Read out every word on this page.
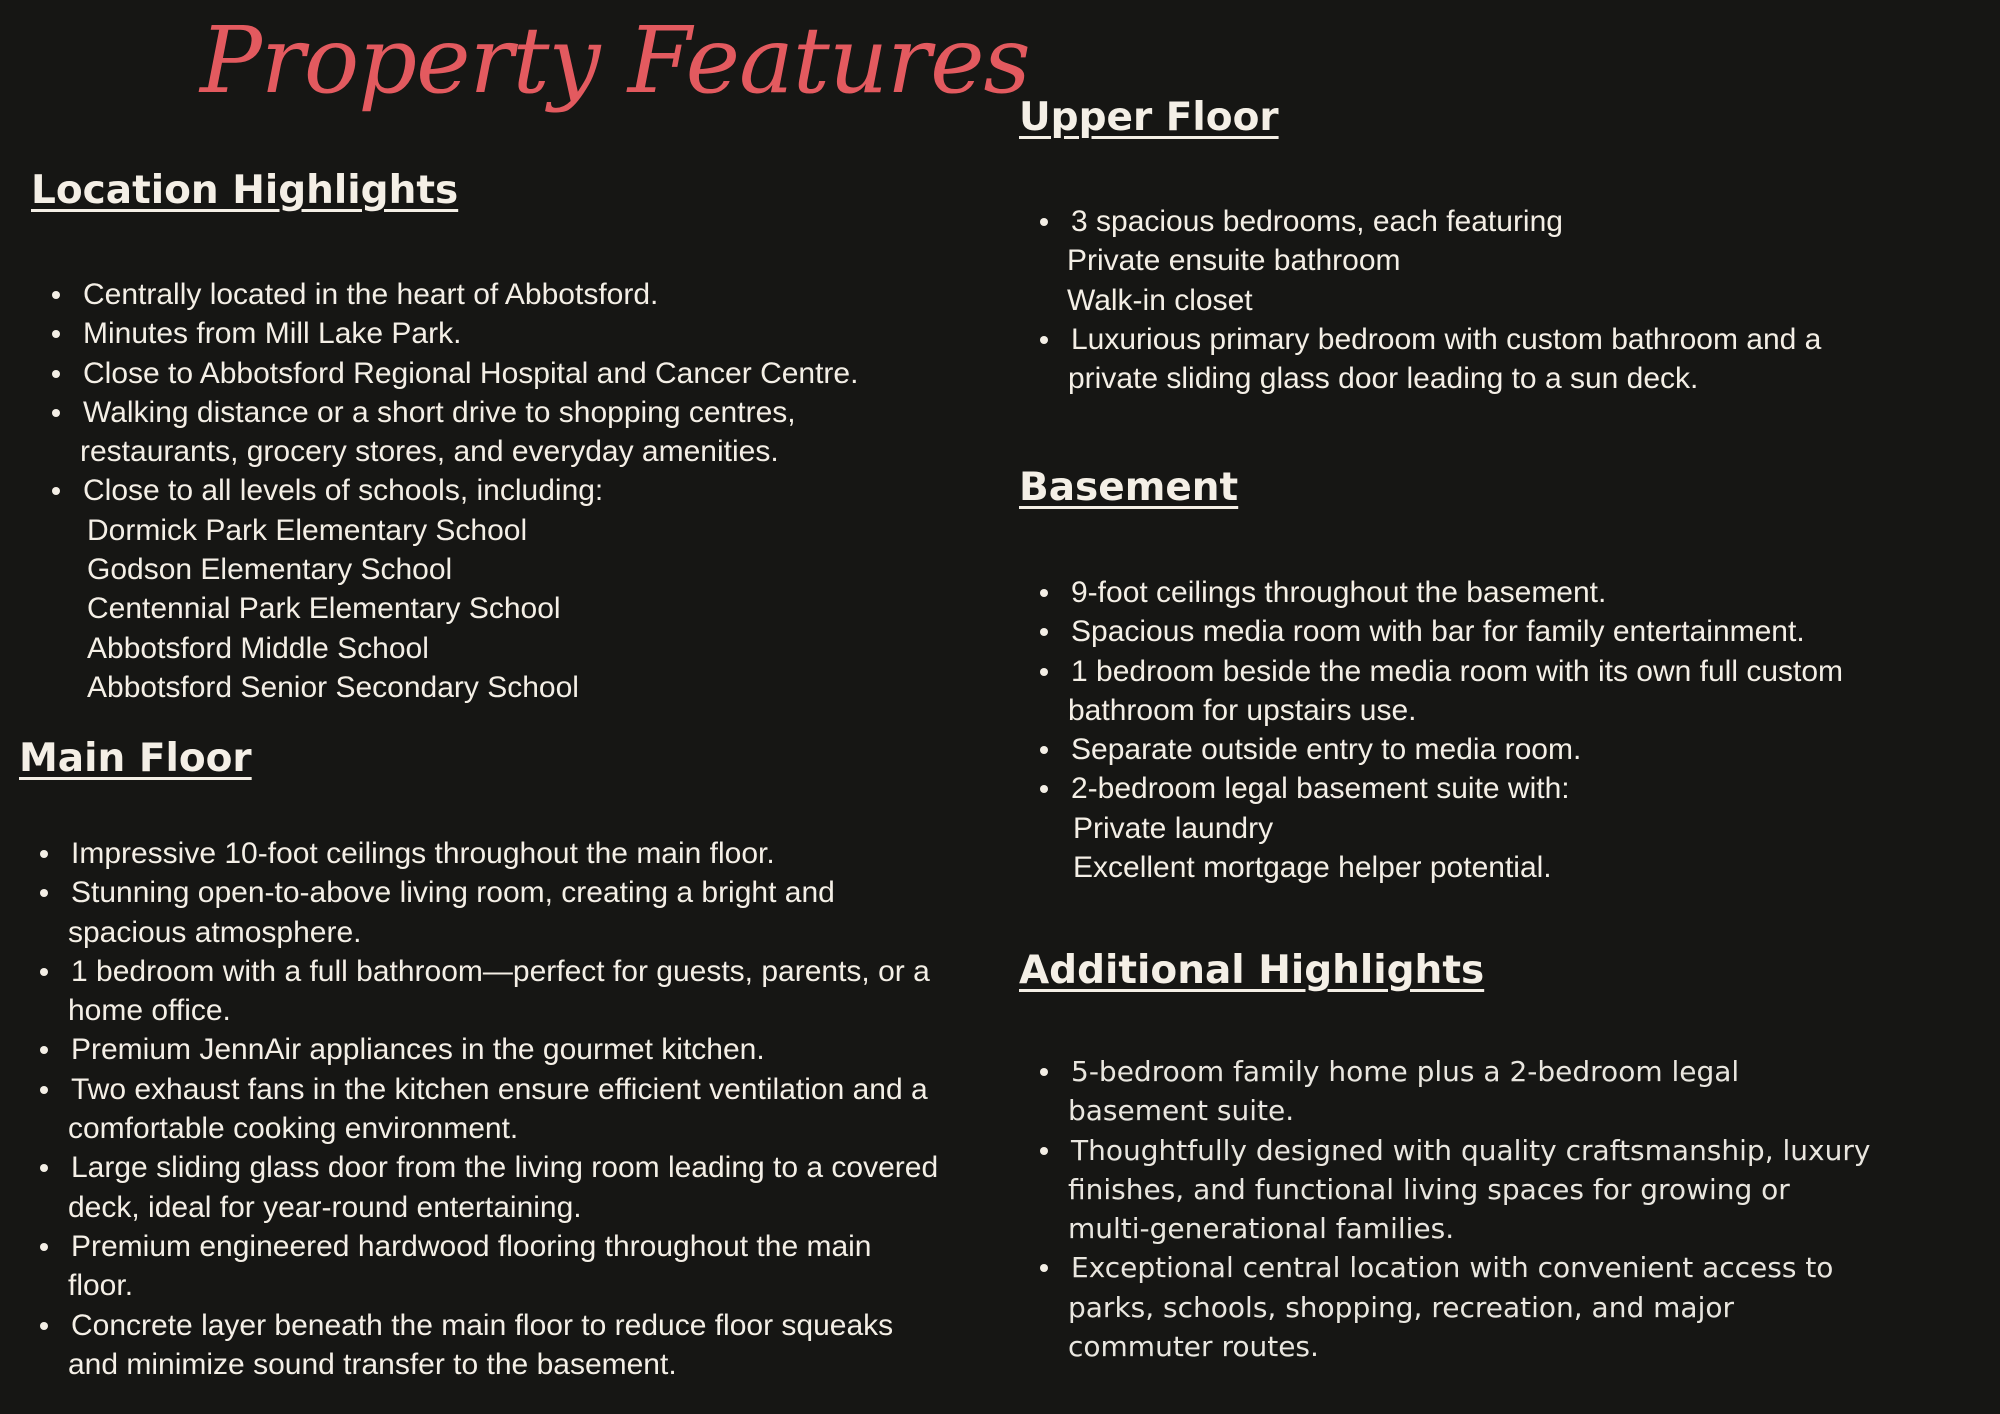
Property Features
Location Highlights
Centrally located in the heart of Abbotsford.
Minutes from Mill Lake Park.
Close to Abbotsford Regional Hospital and Cancer Centre.
Walking distance or a short drive to shopping centres,
restaurants, grocery stores, and everyday amenities.
Close to all levels of schools, including:
Dormick Park Elementary School
Godson Elementary School
Centennial Park Elementary School
Abbotsford Middle School
Abbotsford Senior Secondary School
Main Floor
Impressive 10-foot ceilings throughout the main floor.
Stunning open-to-above living room, creating a bright and
spacious atmosphere.
1 bedroom with a full bathroom—perfect for guests, parents, or a
home office.
Premium JennAir appliances in the gourmet kitchen.
Two exhaust fans in the kitchen ensure efficient ventilation and a
comfortable cooking environment.
Large sliding glass door from the living room leading to a covered
deck, ideal for year-round entertaining.
Premium engineered hardwood flooring throughout the main
floor.
Concrete layer beneath the main floor to reduce floor squeaks
and minimize sound transfer to the basement.
Upper Floor
3 spacious bedrooms, each featuring
Private ensuite bathroom
Walk-in closet
Luxurious primary bedroom with custom bathroom and a
private sliding glass door leading to a sun deck.
Basement
9-foot ceilings throughout the basement.
Spacious media room with bar for family entertainment.
1 bedroom beside the media room with its own full custom
bathroom for upstairs use.
Separate outside entry to media room.
2-bedroom legal basement suite with:
Private laundry
Excellent mortgage helper potential.
Additional Highlights
5-bedroom family home plus a 2-bedroom legal
basement suite.
Thoughtfully designed with quality craftsmanship, luxury
finishes, and functional living spaces for growing or
multi-generational families.
Exceptional central location with convenient access to
parks, schools, shopping, recreation, and major
commuter routes.
